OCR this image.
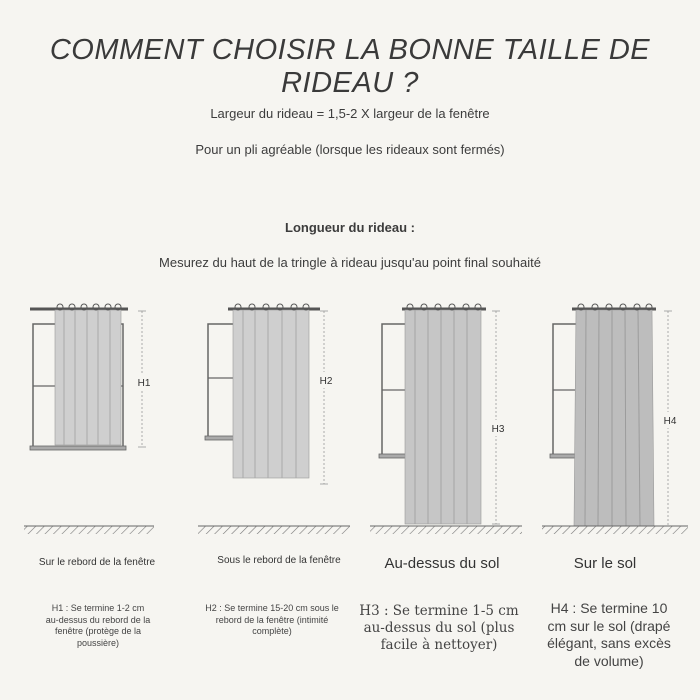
COMMENT CHOISIR LA BONNE TAILLE DE RIDEAU ?
Largeur du rideau = 1,5-2 X largeur de la fenêtre
Pour un pli agréable (lorsque les rideaux sont fermés)
Longueur du rideau :
Mesurez du haut de la tringle à rideau jusqu'au point final souhaité
H1	H2
H3
H4
Sur le rebord de la fenêtre	Sous le rebord de la fenêtre	Au-dessus du sol	Sur le sol
H1 : Se termine 1-2 cm
au-dessus du rebord de la
fenêtre (protège de la
poussière)
H2 : Se termine 15-20 cm sous le
rebord de la fenêtre (intimité
complète)
H3 : Se termine 1-5 cm
au-dessus du sol (plus
facile à nettoyer)
H4 : Se termine 10
cm sur le sol (drapé
élégant, sans excès
de volume)
